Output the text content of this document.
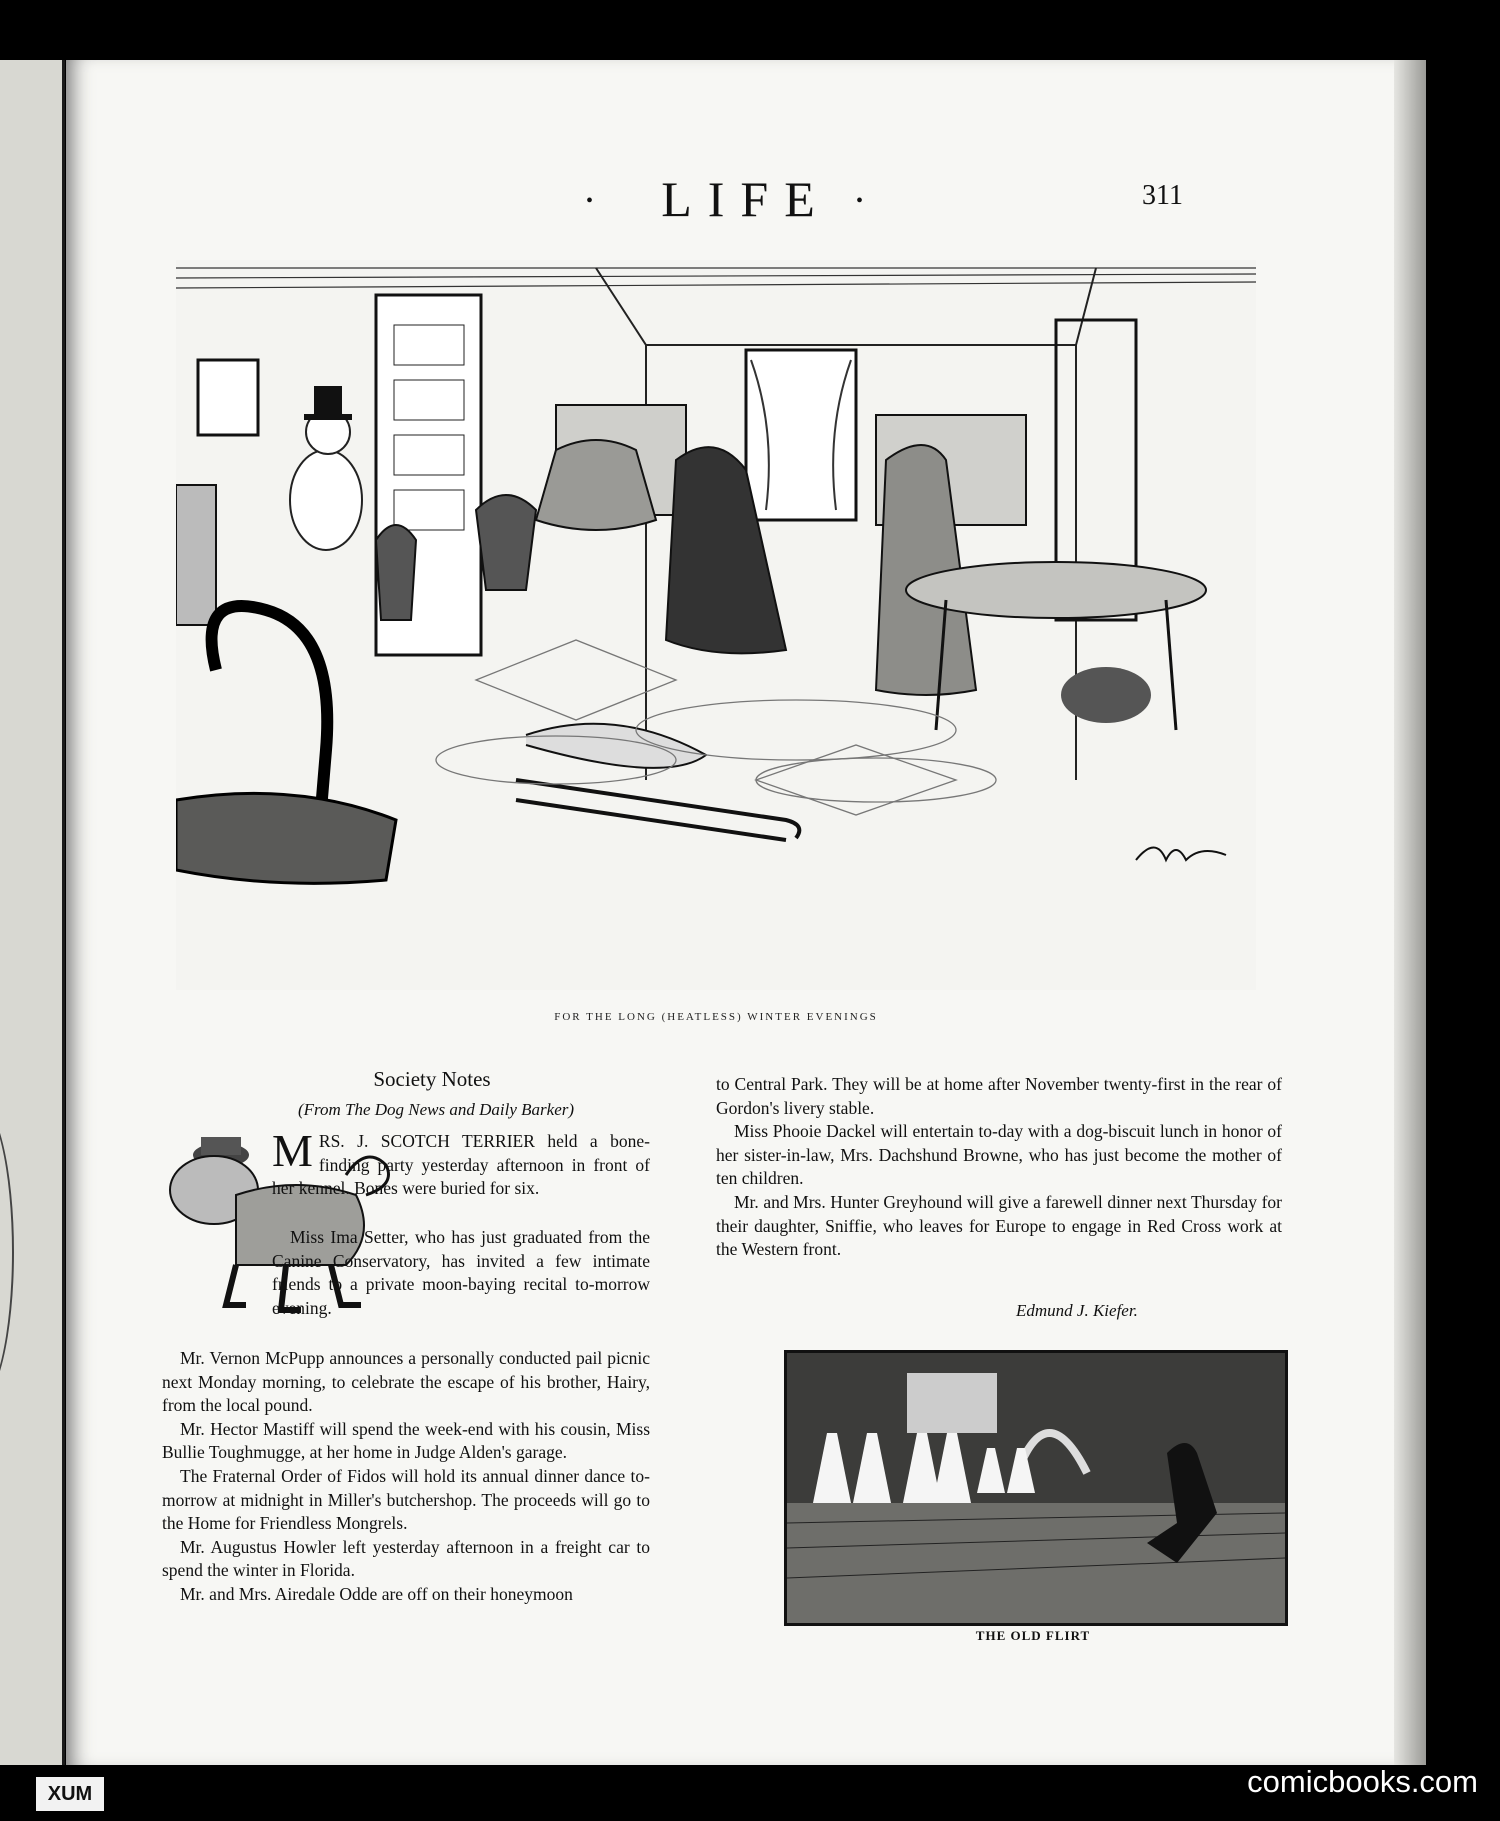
•	LIFE	•	311
FOR THE LONG (HEATLESS) WINTER EVENINGS
Society Notes
(From The Dog News and Daily Barker)

MRS. J. SCOTCH TERRIER held a bone-finding party yesterday afternoon in front of her kennel. Bones were buried for six.

Miss Ima Setter, who has just graduated from the Canine Conservatory, has invited a few intimate friends to a private moon-baying recital to-morrow evening.

Mr. Vernon McPupp announces a personally conducted pail picnic next Monday morning, to celebrate the escape of his brother, Hairy, from the local pound.

Mr. Hector Mastiff will spend the week-end with his cousin, Miss Bullie Toughmugge, at her home in Judge Alden's garage.

The Fraternal Order of Fidos will hold its annual dinner dance to-morrow at midnight in Miller's butchershop. The proceeds will go to the Home for Friendless Mongrels.

Mr. Augustus Howler left yesterday afternoon in a freight car to spend the winter in Florida.

Mr. and Mrs. Airedale Odde are off on their honeymoon

to Central Park. They will be at home after November twenty-first in the rear of Gordon's livery stable.

Miss Phooie Dackel will entertain to-day with a dog-biscuit lunch in honor of her sister-in-law, Mrs. Dachshund Browne, who has just become the mother of ten children.

Mr. and Mrs. Hunter Greyhound will give a farewell dinner next Thursday for their daughter, Sniffie, who leaves for Europe to engage in Red Cross work at the Western front.

Edmund J. Kiefer.
THE OLD FLIRT
XUM	comicbooks.com
